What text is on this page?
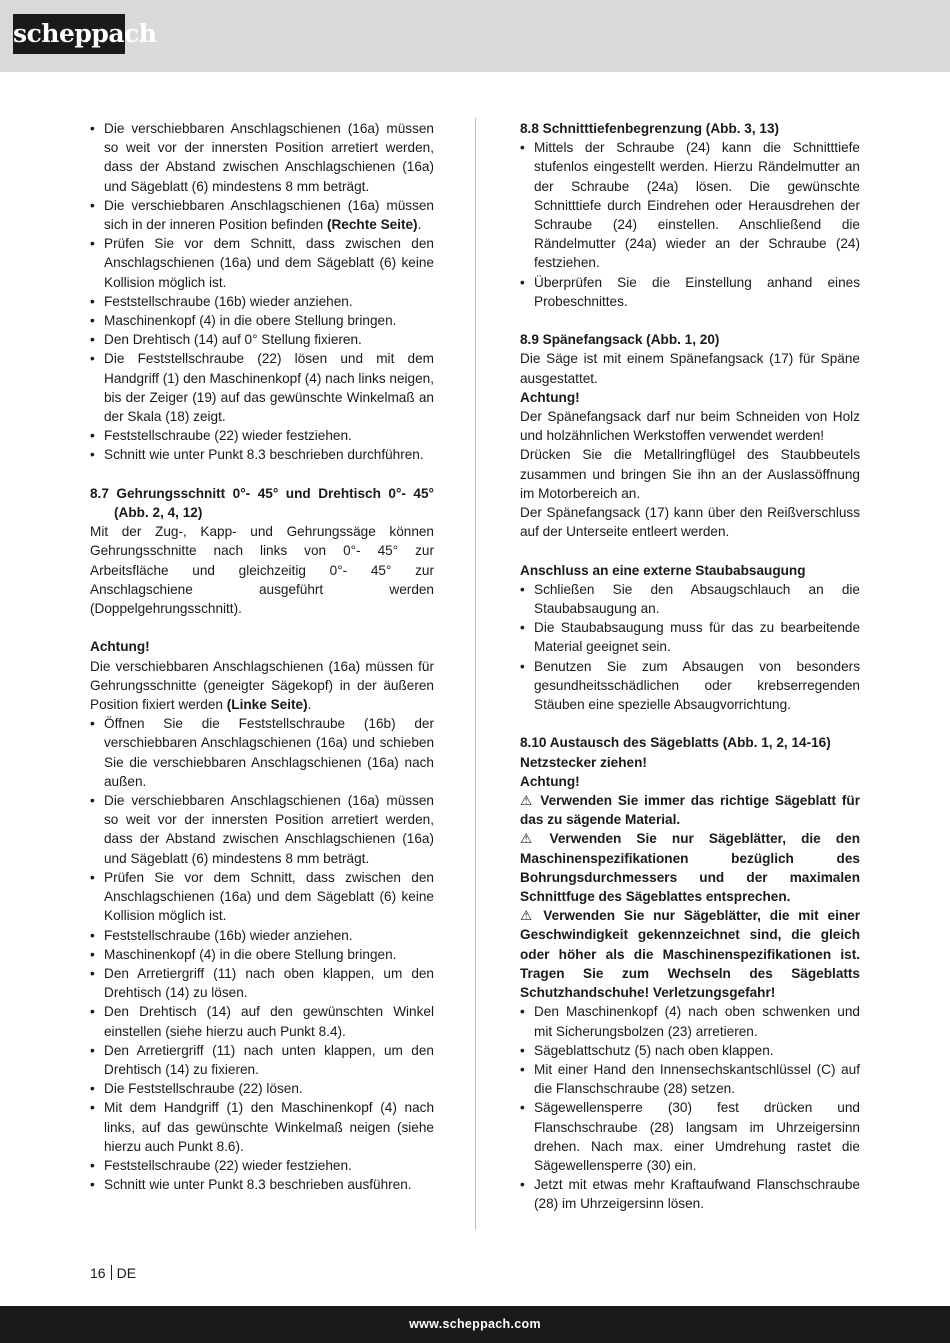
scheppach
• Die verschiebbaren Anschlagschienen (16a) müssen so weit vor der innersten Position arretiert werden, dass der Abstand zwischen Anschlagschienen (16a) und Sägeblatt (6) mindestens 8 mm beträgt.
• Die verschiebbaren Anschlagschienen (16a) müssen sich in der inneren Position befinden (Rechte Seite).
• Prüfen Sie vor dem Schnitt, dass zwischen den Anschlagschienen (16a) und dem Sägeblatt (6) keine Kollision möglich ist.
• Feststellschraube (16b) wieder anziehen.
• Maschinenkopf (4) in die obere Stellung bringen.
• Den Drehtisch (14) auf 0° Stellung fixieren.
• Die Feststellschraube (22) lösen und mit dem Handgriff (1) den Maschinenkopf (4) nach links neigen, bis der Zeiger (19) auf das gewünschte Winkelmaß an der Skala (18) zeigt.
• Feststellschraube (22) wieder festziehen.
• Schnitt wie unter Punkt 8.3 beschrieben durchführen.

8.7 Gehrungsschnitt 0°- 45° und Drehtisch 0°- 45° (Abb. 2, 4, 12)

Mit der Zug-, Kapp- und Gehrungssäge können Gehrungsschnitte nach links von 0°- 45° zur Arbeitsfläche und gleichzeitig 0°- 45° zur Anschlagschiene ausgeführt werden (Doppelgehrungsschnitt).

Achtung!

Die verschiebbaren Anschlagschienen (16a) müssen für Gehrungsschnitte (geneigter Sägekopf) in der äußeren Position fixiert werden (Linke Seite).

• Öffnen Sie die Feststellschraube (16b) der verschiebbaren Anschlagschienen (16a) und schieben Sie die verschiebbaren Anschlagschienen (16a) nach außen.
• Die verschiebbaren Anschlagschienen (16a) müssen so weit vor der innersten Position arretiert werden, dass der Abstand zwischen Anschlagschienen (16a) und Sägeblatt (6) mindestens 8 mm beträgt.
• Prüfen Sie vor dem Schnitt, dass zwischen den Anschlagschienen (16a) und dem Sägeblatt (6) keine Kollision möglich ist.
• Feststellschraube (16b) wieder anziehen.
• Maschinenkopf (4) in die obere Stellung bringen.
• Den Arretiergriff (11) nach oben klappen, um den Drehtisch (14) zu lösen.
• Den Drehtisch (14) auf den gewünschten Winkel einstellen (siehe hierzu auch Punkt 8.4).
• Den Arretiergriff (11) nach unten klappen, um den Drehtisch (14) zu fixieren.
• Die Feststellschraube (22) lösen.
• Mit dem Handgriff (1) den Maschinenkopf (4) nach links, auf das gewünschte Winkelmaß neigen (siehe hierzu auch Punkt 8.6).
• Feststellschraube (22) wieder festziehen.
• Schnitt wie unter Punkt 8.3 beschrieben ausführen.

8.8 Schnitttiefenbegrenzung (Abb. 3, 13)

• Mittels der Schraube (24) kann die Schnitttiefe stufenlos eingestellt werden. Hierzu Rändelmutter an der Schraube (24a) lösen. Die gewünschte Schnitttiefe durch Eindrehen oder Herausdrehen der Schraube (24) einstellen. Anschließend die Rändelmutter (24a) wieder an der Schraube (24) festziehen.
• Überprüfen Sie die Einstellung anhand eines Probeschnittes.

8.9 Spänefangsack (Abb. 1, 20)

Die Säge ist mit einem Spänefangsack (17) für Späne ausgestattet.

Achtung!

Der Spänefangsack darf nur beim Schneiden von Holz und holzähnlichen Werkstoffen verwendet werden!

Drücken Sie die Metallringflügel des Staubbeutels zusammen und bringen Sie ihn an der Auslassöffnung im Motorbereich an.

Der Spänefangsack (17) kann über den Reißverschluss auf der Unterseite entleert werden.

Anschluss an eine externe Staubabsaugung

• Schließen Sie den Absaugschlauch an die Staubabsaugung an.
• Die Staubabsaugung muss für das zu bearbeitende Material geeignet sein.
• Benutzen Sie zum Absaugen von besonders gesundheitsschädlichen oder krebserregenden Stäuben eine spezielle Absaugvorrichtung.

8.10 Austausch des Sägeblatts (Abb. 1, 2, 14-16)

Netzstecker ziehen!

Achtung!

⚠ Verwenden Sie immer das richtige Sägeblatt für das zu sägende Material.

⚠ Verwenden Sie nur Sägeblätter, die den Maschinenspezifikationen bezüglich des Bohrungsdurchmessers und der maximalen Schnittfuge des Sägeblattes entsprechen.

⚠ Verwenden Sie nur Sägeblätter, die mit einer Geschwindigkeit gekennzeichnet sind, die gleich oder höher als die Maschinenspezifikationen ist. Tragen Sie zum Wechseln des Sägeblatts Schutzhandschuhe! Verletzungsgefahr!

• Den Maschinenkopf (4) nach oben schwenken und mit Sicherungsbolzen (23) arretieren.
• Sägeblattschutz (5) nach oben klappen.
• Mit einer Hand den Innensechskantschlüssel (C) auf die Flanschschraube (28) setzen.
• Sägewellensperre (30) fest drücken und Flanschschraube (28) langsam im Uhrzeigersinn drehen. Nach max. einer Umdrehung rastet die Sägewellensperre (30) ein.
• Jetzt mit etwas mehr Kraftaufwand Flanschschraube (28) im Uhrzeigersinn lösen.
16 DE
www.scheppach.com
